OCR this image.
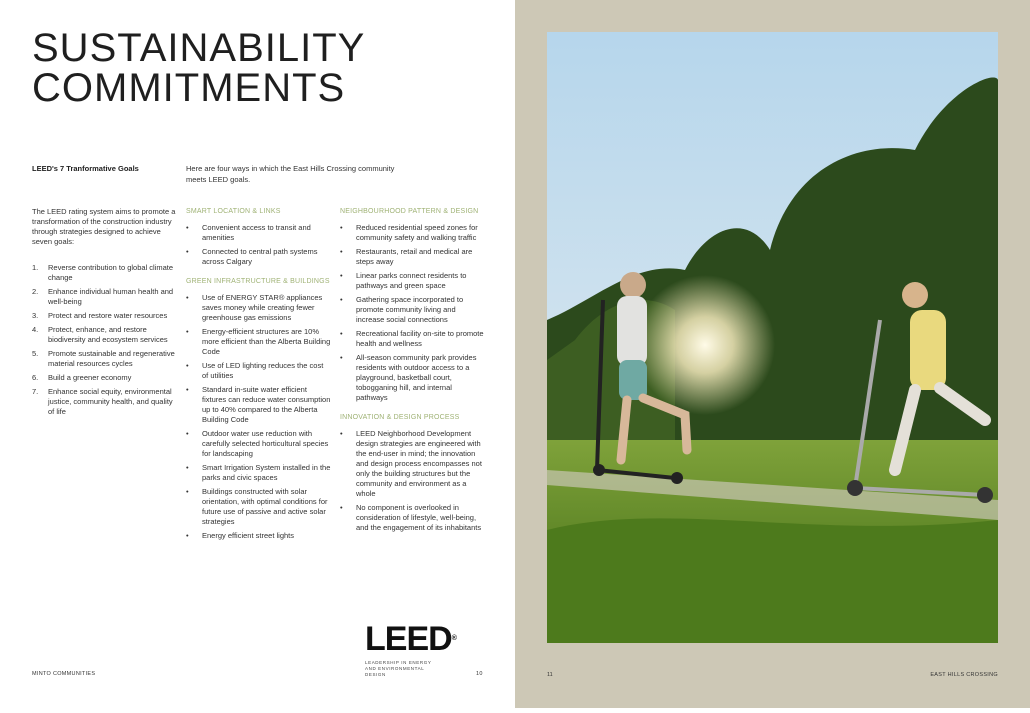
SUSTAINABILITY
COMMITMENTS
LEED's 7 Tranformative Goals	Here are four ways in which the East Hills Crossing community meets LEED goals.

The LEED rating system aims to promote a transformation of the construction industry through strategies designed to achieve seven goals:

1.	Reverse contribution to global climate change
2.	Enhance individual human health and well-being
3.	Protect and restore water resources
4.	Protect, enhance, and restore biodiversity and ecosystem services
5.	Promote sustainable and regenerative material resources cycles
6.	Build a greener economy
7.	Enhance social equity, environmental justice, community health, and quality of life
SMART LOCATION & LINKS
•	Convenient access to transit and amenities
•	Connected to central path systems across Calgary
GREEN INFRASTRUCTURE & BUILDINGS
•	Use of ENERGY STAR® appliances saves money while creating fewer greenhouse gas emissions
•	Energy-efficient structures are 10% more efficient than the Alberta Building Code
•	Use of LED lighting reduces the cost of utilities
•	Standard in-suite water efficient fixtures can reduce water consumption up to 40% compared to the Alberta Building Code
•	Outdoor water use reduction with carefully selected horticultural species for landscaping
•	Smart Irrigation System installed in the parks and civic spaces
•	Buildings constructed with solar orientation, with optimal conditions for future use of passive and active solar strategies
•	Energy efficient street lights
NEIGHBOURHOOD PATTERN & DESIGN
•	Reduced residential speed zones for community safety and walking traffic
•	Restaurants, retail and medical are steps away
•	Linear parks connect residents to pathways and green space
•	Gathering space incorporated to promote community living and increase social connections
•	Recreational facility on-site to promote health and wellness
•	All-season community park provides residents with outdoor access to a playground, basketball court, tobogganing hill, and internal pathways
INNOVATION & DESIGN PROCESS
•	LEED Neighborhood Development design strategies are engineered with the end-user in mind; the innovation and design process encompasses not only the building structures but the community and environment as a whole
•	No component is overlooked in consideration of lifestyle, well-being, and the engagement of its inhabitants
LEED®
LEADERSHIP IN ENERGY AND ENVIRONMENTAL DESIGN
MINTO COMMUNITIES	10	11	EAST HILLS CROSSING
